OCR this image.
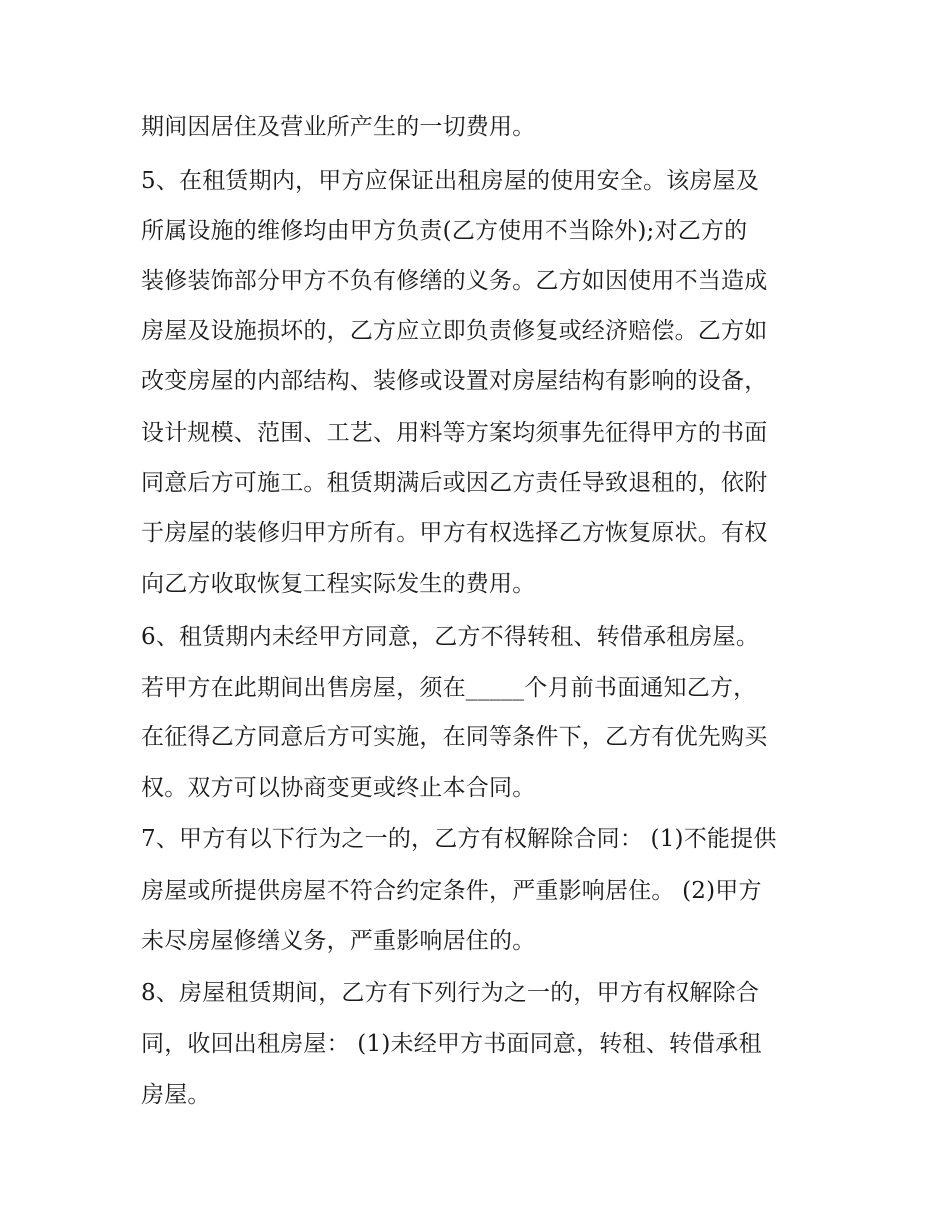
期间因居住及营业所产生的一切费用。
5、在租赁期内，甲方应保证出租房屋的使用安全。该房屋及
所属设施的维修均由甲方负责(乙方使用不当除外);对乙方的
装修装饰部分甲方不负有修缮的义务。乙方如因使用不当造成
房屋及设施损坏的，乙方应立即负责修复或经济赔偿。乙方如
改变房屋的内部结构、装修或设置对房屋结构有影响的设备，
设计规模、范围、工艺、用料等方案均须事先征得甲方的书面
同意后方可施工。租赁期满后或因乙方责任导致退租的，依附
于房屋的装修归甲方所有。甲方有权选择乙方恢复原状。有权
向乙方收取恢复工程实际发生的费用。
6、租赁期内未经甲方同意，乙方不得转租、转借承租房屋。
若甲方在此期间出售房屋，须在_____个月前书面通知乙方，
在征得乙方同意后方可实施，在同等条件下，乙方有优先购买
权。双方可以协商变更或终止本合同。
7、甲方有以下行为之一的，乙方有权解除合同： (1)不能提供
房屋或所提供房屋不符合约定条件，严重影响居住。 (2)甲方
未尽房屋修缮义务，严重影响居住的。
8、房屋租赁期间，乙方有下列行为之一的，甲方有权解除合
同，收回出租房屋： (1)未经甲方书面同意，转租、转借承租
房屋。
